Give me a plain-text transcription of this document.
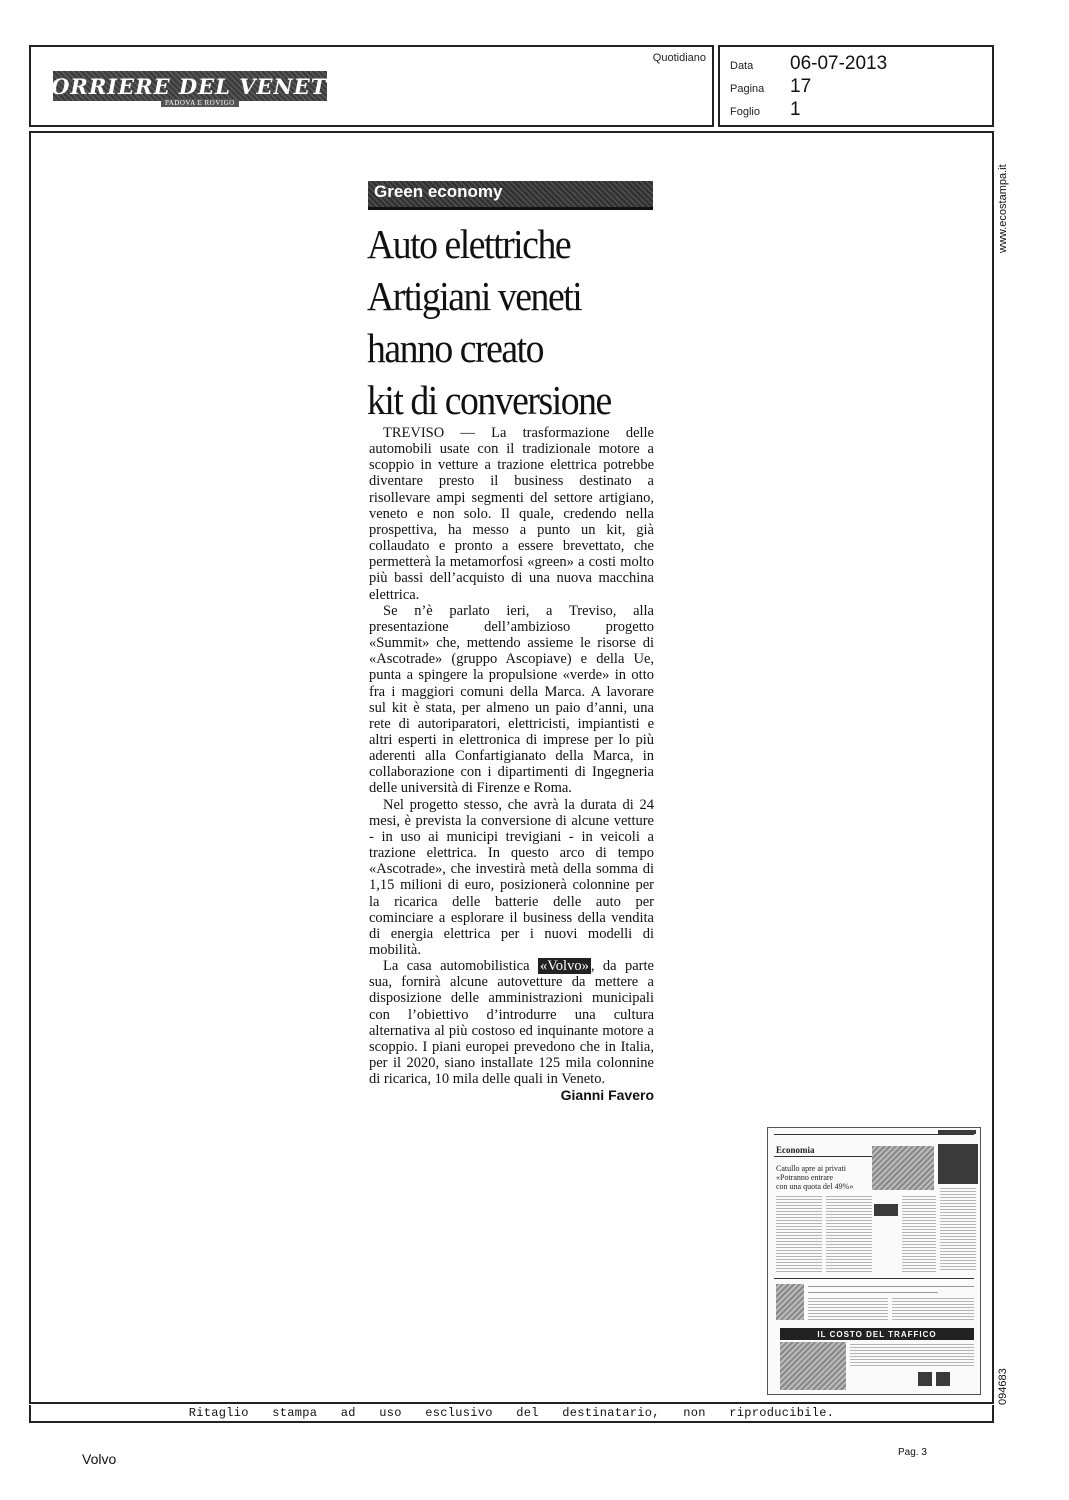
CORRIERE DEL VENETO
PADOVA E ROVIGO
Quotidiano
Data	06-07-2013
Pagina	17
Foglio	1
www.ecostampa.it
094683
Green economy
Auto elettriche
Artigiani veneti
hanno creato
kit di conversione

TREVISO — La trasformazione delle automobili usate con il tradizionale motore a scoppio in vetture a trazione elettrica potrebbe diventare presto il business destinato a risollevare ampi segmenti del settore artigiano, veneto e non solo. Il quale, credendo nella prospettiva, ha messo a punto un kit, già collaudato e pronto a essere brevettato, che permetterà la metamorfosi «green» a costi molto più bassi dell’acquisto di una nuova macchina elettrica.

Se n’è parlato ieri, a Treviso, alla presentazione dell’ambizioso progetto «Summit» che, mettendo assieme le risorse di «Ascotrade» (gruppo Ascopiave) e della Ue, punta a spingere la propulsione «verde» in otto fra i maggiori comuni della Marca. A lavorare sul kit è stata, per almeno un paio d’anni, una rete di autoriparatori, elettricisti, impiantisti e altri esperti in elettronica di imprese per lo più aderenti alla Confartigianato della Marca, in collaborazione con i dipartimenti di Ingegneria delle università di Firenze e Roma.

Nel progetto stesso, che avrà la durata di 24 mesi, è prevista la conversione di alcune vetture - in uso ai municipi trevigiani - in veicoli a trazione elettrica. In questo arco di tempo «Ascotrade», che investirà metà della somma di 1,15 milioni di euro, posizionerà colonnine per la ricarica delle batterie delle auto per cominciare a esplorare il business della vendita di energia elettrica per i nuovi modelli di mobilità.

La casa automobilistica «Volvo» , da parte sua, fornirà alcune autovetture da mettere a disposizione delle amministrazioni municipali con l’obiettivo d’introdurre una cultura alternativa al più costoso ed inquinante motore a scoppio. I piani europei prevedono che in Italia, per il 2020, siano installate 125 mila colonnine di ricarica, 10 mila delle quali in Veneto.

Gianni Favero
Economia
Catullo apre ai privati
«Potranno entrare
con una quota del 49%»
IL COSTO DEL TRAFFICO
Ritaglio stampa ad uso esclusivo del destinatario, non riproducibile.
Volvo	Pag. 3
